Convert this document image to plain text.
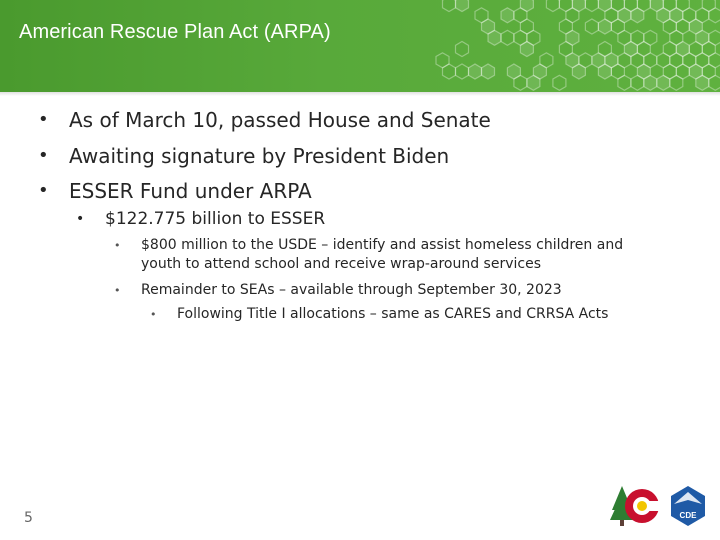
American Rescue Plan Act (ARPA)
• As of March 10, passed House and Senate
• Awaiting signature by President Biden
• ESSER Fund under ARPA
• $122.775 billion to ESSER
• $800 million to the USDE – identify and assist homeless children and youth to attend school and receive wrap-around services
• Remainder to SEAs – available through September 30, 2023
• Following Title I allocations – same as CARES and CRRSA Acts
5	CDE
